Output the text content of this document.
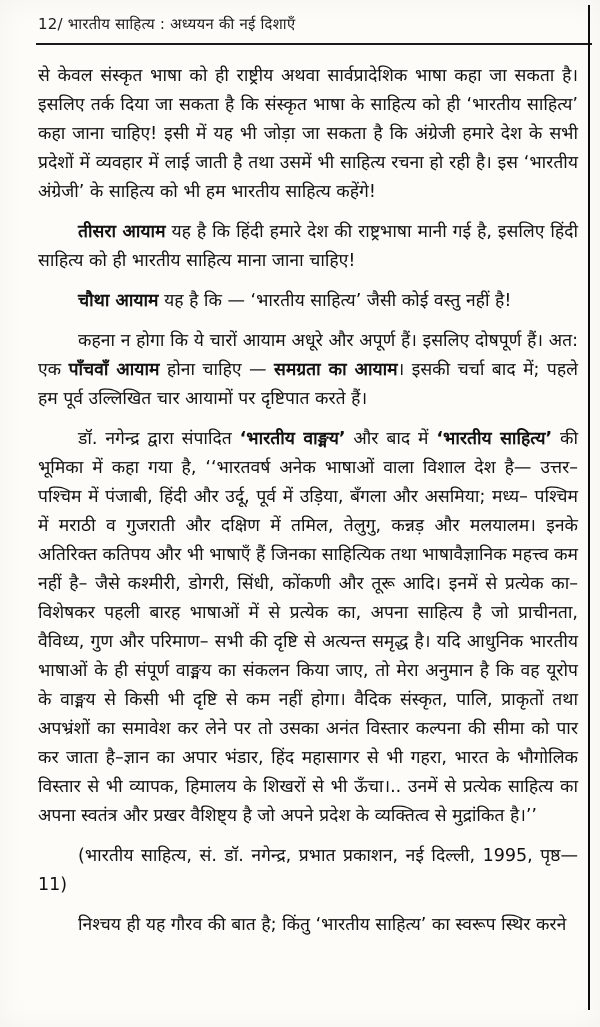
12/ भारतीय साहित्य : अध्ययन की नई दिशाएँ

से केवल संस्कृत भाषा को ही राष्ट्रीय अथवा सार्वप्रादेशिक भाषा कहा जा सकता है। इसलिए तर्क दिया जा सकता है कि संस्कृत भाषा के साहित्य को ही ‘भारतीय साहित्य’ कहा जाना चाहिए! इसी में यह भी जोड़ा जा सकता है कि अंग्रेजी हमारे देश के सभी प्रदेशों में व्यवहार में लाई जाती है तथा उसमें भी साहित्य रचना हो रही है। इस ‘भारतीय अंग्रेजी’ के साहित्य को भी हम भारतीय साहित्य कहेंगे!

तीसरा आयाम यह है कि हिंदी हमारे देश की राष्ट्रभाषा मानी गई है, इसलिए हिंदी साहित्य को ही भारतीय साहित्य माना जाना चाहिए!

चौथा आयाम यह है कि — ‘भारतीय साहित्य’ जैसी कोई वस्तु नहीं है!

कहना न होगा कि ये चारों आयाम अधूरे और अपूर्ण हैं। इसलिए दोषपूर्ण हैं। अत: एक पाँचवाँ आयाम होना चाहिए — समग्रता का आयाम। इसकी चर्चा बाद में; पहले हम पूर्व उल्लिखित चार आयामों पर दृष्टिपात करते हैं।

डॉ. नगेन्द्र द्वारा संपादित ‘भारतीय वाङ्मय’ और बाद में ‘भारतीय साहित्य’ की भूमिका में कहा गया है, ‘‘भारतवर्ष अनेक भाषाओं वाला विशाल देश है— उत्तर–पश्चिम में पंजाबी, हिंदी और उर्दू, पूर्व में उड़िया, बँगला और असमिया; मध्य– पश्चिम में मराठी व गुजराती और दक्षिण में तमिल, तेलुगु, कन्नड़ और मलयालम। इनके अतिरिक्त कतिपय और भी भाषाएँ हैं जिनका साहित्यिक तथा भाषावैज्ञानिक महत्त्व कम नहीं है– जैसे कश्मीरी, डोगरी, सिंधी, कोंकणी और तूरू आदि। इनमें से प्रत्येक का– विशेषकर पहली बारह भाषाओं में से प्रत्येक का, अपना साहित्य है जो प्राचीनता, वैविध्य, गुण और परिमाण– सभी की दृष्टि से अत्यन्त समृद्ध है। यदि आधुनिक भारतीय भाषाओं के ही संपूर्ण वाङ्मय का संकलन किया जाए, तो मेरा अनुमान है कि वह यूरोप के वाङ्मय से किसी भी दृष्टि से कम नहीं होगा। वैदिक संस्कृत, पालि, प्राकृतों तथा अपभ्रंशों का समावेश कर लेने पर तो उसका अनंत विस्तार कल्पना की सीमा को पार कर जाता है–ज्ञान का अपार भंडार, हिंद महासागर से भी गहरा, भारत के भौगोलिक विस्तार से भी व्यापक, हिमालय के शिखरों से भी ऊँचा।.. उनमें से प्रत्येक साहित्य का अपना स्वतंत्र और प्रखर वैशिष्ट्य है जो अपने प्रदेश के व्यक्तित्व से मुद्रांकित है।’’

(भारतीय साहित्य, सं. डॉ. नगेन्द्र, प्रभात प्रकाशन, नई दिल्ली, 1995, पृष्ठ—11)

निश्चय ही यह गौरव की बात है; किंतु ‘भारतीय साहित्य’ का स्वरूप स्थिर करने
